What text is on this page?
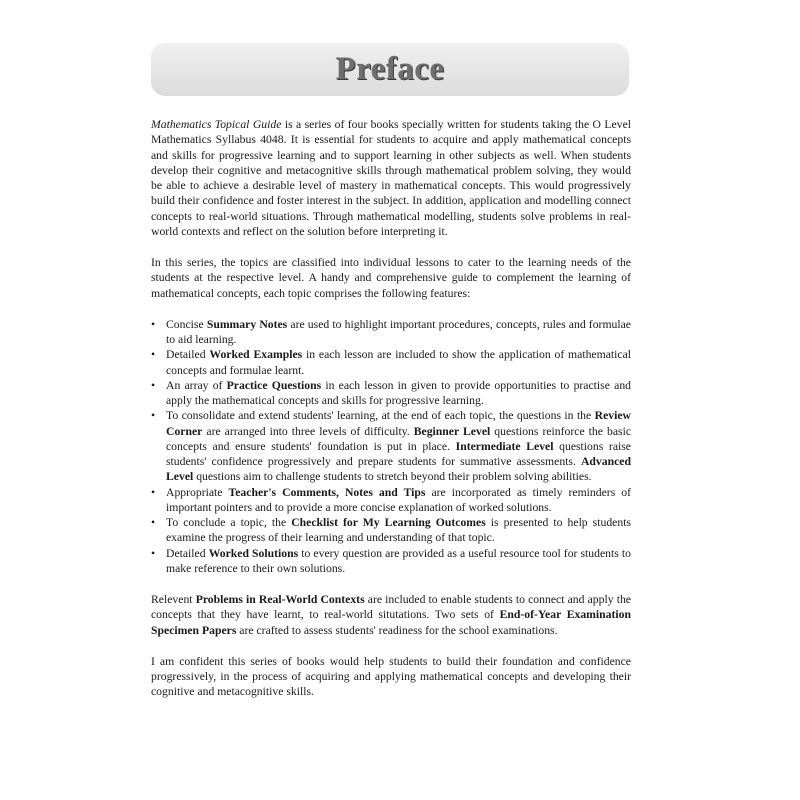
Preface

Mathematics Topical Guide is a series of four books specially written for students taking the O Level Mathematics Syllabus 4048. It is essential for students to acquire and apply mathematical concepts and skills for progressive learning and to support learning in other subjects as well. When students develop their cognitive and metacognitive skills through mathematical problem solving, they would be able to achieve a desirable level of mastery in mathematical concepts. This would progressively build their confidence and foster interest in the subject. In addition, application and modelling connect concepts to real-world situations. Through mathematical modelling, students solve problems in real-world contexts and reflect on the solution before interpreting it.

In this series, the topics are classified into individual lessons to cater to the learning needs of the students at the respective level. A handy and comprehensive guide to complement the learning of mathematical concepts, each topic comprises the following features:

• Concise Summary Notes are used to highlight important procedures, concepts, rules and formulae to aid learning.
• Detailed Worked Examples in each lesson are included to show the application of mathematical concepts and formulae learnt.
• An array of Practice Questions in each lesson in given to provide opportunities to practise and apply the mathematical concepts and skills for progressive learning.
• To consolidate and extend students' learning, at the end of each topic, the questions in the Review Corner are arranged into three levels of difficulty. Beginner Level questions reinforce the basic concepts and ensure students' foundation is put in place. Intermediate Level questions raise students' confidence progressively and prepare students for summative assessments. Advanced Level questions aim to challenge students to stretch beyond their problem solving abilities.
• Appropriate Teacher's Comments, Notes and Tips are incorporated as timely reminders of important pointers and to provide a more concise explanation of worked solutions.
• To conclude a topic, the Checklist for My Learning Outcomes is presented to help students examine the progress of their learning and understanding of that topic.
• Detailed Worked Solutions to every question are provided as a useful resource tool for students to make reference to their own solutions.

Relevent Problems in Real-World Contexts are included to enable students to connect and apply the concepts that they have learnt, to real-world situtations. Two sets of End-of-Year Examination Specimen Papers are crafted to assess students' readiness for the school examinations.

I am confident this series of books would help students to build their foundation and confidence progressively, in the process of acquiring and applying mathematical concepts and developing their cognitive and metacognitive skills.
